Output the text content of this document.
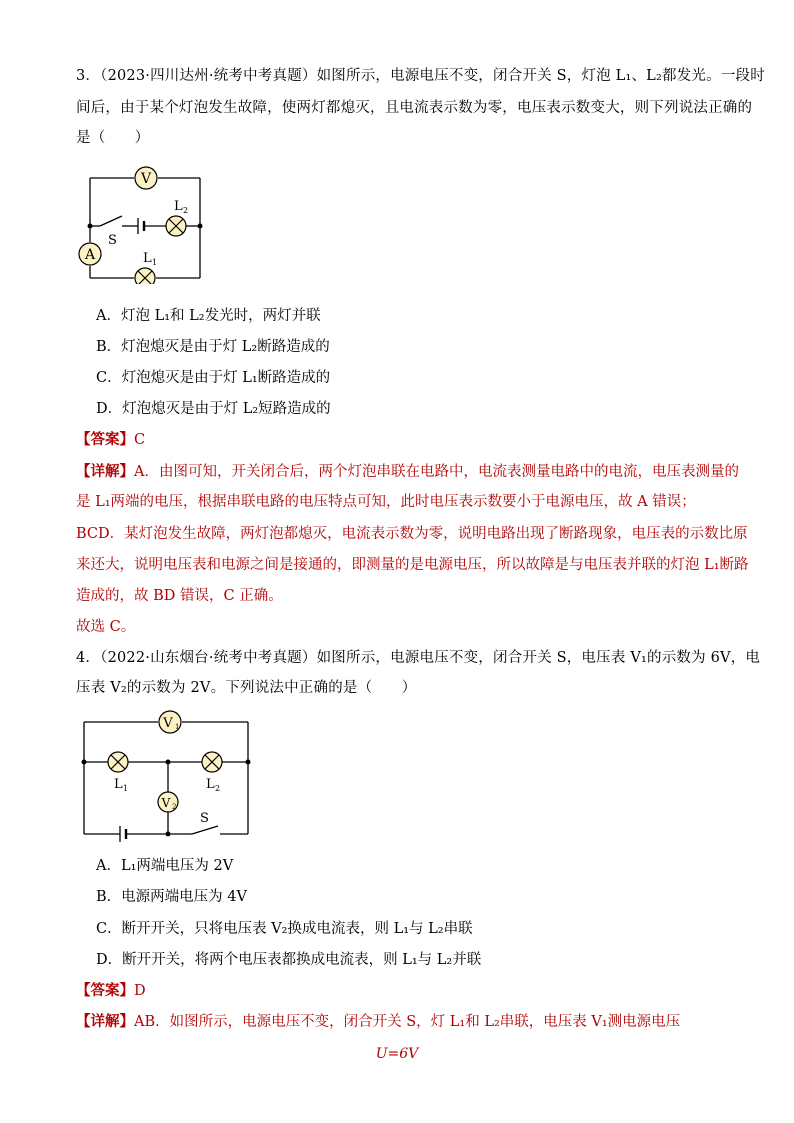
3．（2023·四川达州·统考中考真题）如图所示，电源电压不变，闭合开关 S，灯泡 L₁、L₂都发光。一段时
间后，由于某个灯泡发生故障，使两灯都熄灭，且电流表示数为零，电压表示数变大，则下列说法正确的
是（　　）
V
L 2
S
A	L 1
A．灯泡 L₁和 L₂发光时，两灯并联
B．灯泡熄灭是由于灯 L₂断路造成的
C．灯泡熄灭是由于灯 L₁断路造成的
D．灯泡熄灭是由于灯 L₂短路造成的
【答案】C
【详解】A．由图可知，开关闭合后，两个灯泡串联在电路中，电流表测量电路中的电流，电压表测量的
是 L₁两端的电压，根据串联电路的电压特点可知，此时电压表示数要小于电源电压，故 A 错误；
BCD．某灯泡发生故障，两灯泡都熄灭，电流表示数为零，说明电路出现了断路现象，电压表的示数比原
来还大，说明电压表和电源之间是接通的，即测量的是电源电压，所以故障是与电压表并联的灯泡 L₁断路
造成的，故 BD 错误，C 正确。
故选 C。
4．（2022·山东烟台·统考中考真题）如图所示，电源电压不变，闭合开关 S，电压表 V₁的示数为 6V，电
压表 V₂的示数为 2V。下列说法中正确的是（　　）
V 1
L 1	L 2
V 2
S
A．L₁两端电压为 2V
B．电源两端电压为 4V
C．断开开关，只将电压表 V₂换成电流表，则 L₁与 L₂串联
D．断开开关，将两个电压表都换成电流表，则 L₁与 L₂并联
【答案】D
【详解】AB．如图所示，电源电压不变，闭合开关 S，灯 L₁和 L₂串联，电压表 V₁测电源电压
U=6V
